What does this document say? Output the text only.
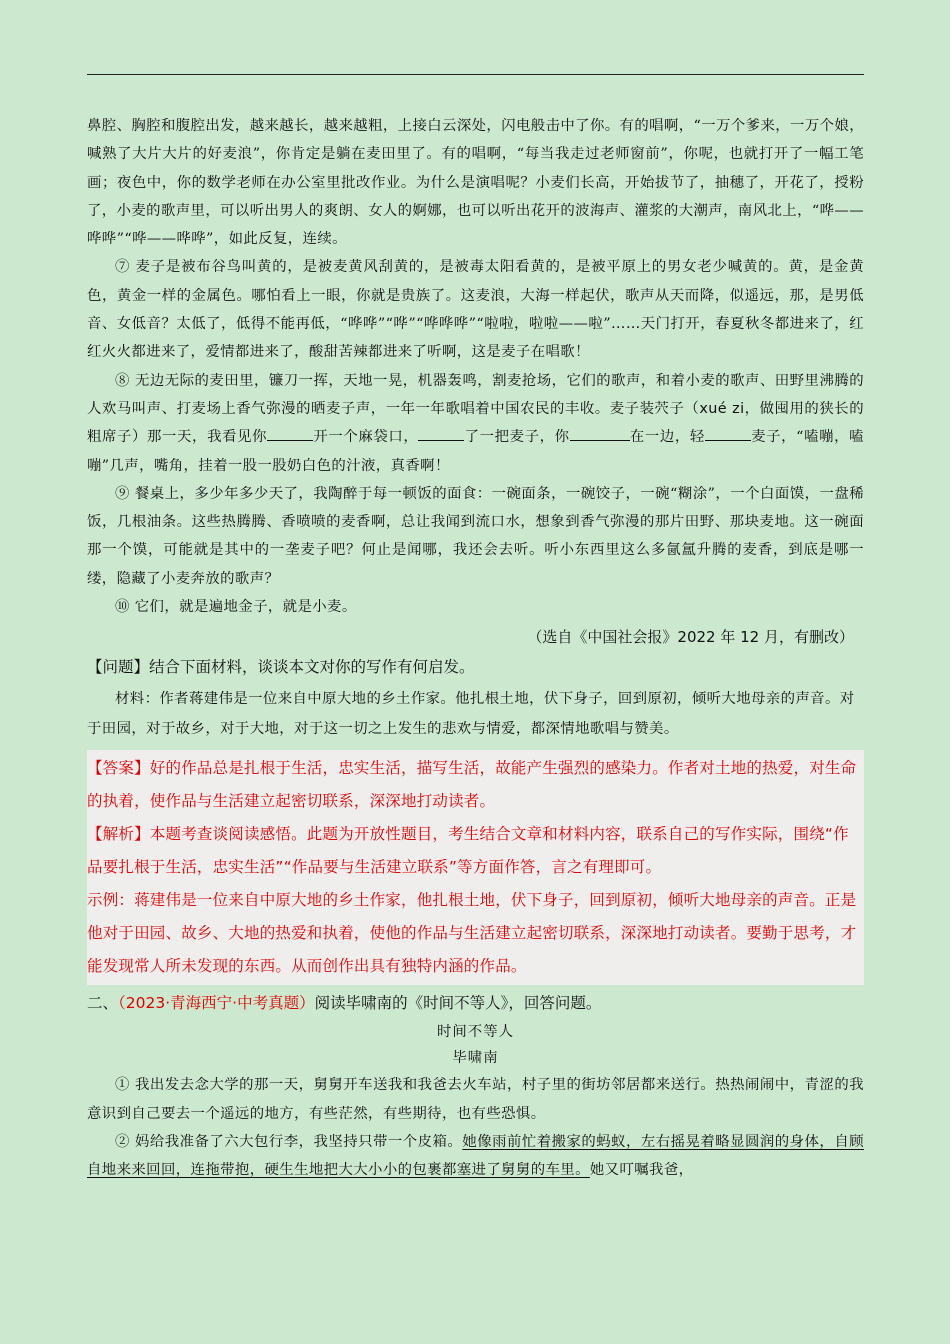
鼻腔、胸腔和腹腔出发，越来越长，越来越粗，上接白云深处，闪电般击中了你。有的唱啊，“一万个爹来，一万个娘，喊熟了大片大片的好麦浪”，你肯定是躺在麦田里了。有的唱啊，“每当我走过老师窗前”，你呢，也就打开了一幅工笔画；夜色中，你的数学老师在办公室里批改作业。为什么是演唱呢？小麦们长高，开始拔节了，抽穗了，开花了，授粉了，小麦的歌声里，可以听出男人的爽朗、女人的婀娜，也可以听出花开的波海声、灌浆的大潮声，南风北上，“哗——哗哗”“哗——哗哗”，如此反复，连续。

⑦ 麦子是被布谷鸟叫黄的，是被麦黄风刮黄的，是被毒太阳看黄的，是被平原上的男女老少喊黄的。黄，是金黄色，黄金一样的金属色。哪怕看上一眼，你就是贵族了。这麦浪，大海一样起伏，歌声从天而降，似遥远，那，是男低音、女低音？太低了，低得不能再低，“哗哗”“哗”“哗哗哗”“啦啦，啦啦——啦”……天门打开，春夏秋冬都进来了，红红火火都进来了，爱情都进来了，酸甜苦辣都进来了听啊，这是麦子在唱歌！

⑧ 无边无际的麦田里，镰刀一挥，天地一晃，机器轰鸣，割麦抢场，它们的歌声，和着小麦的歌声、田野里沸腾的人欢马叫声、打麦场上香气弥漫的晒麦子声，一年一年歌唱着中国农民的丰收。麦子装茓子（xué zi，做囤用的狭长的粗席子）那一天，我看见你	开一个麻袋口，	了一把麦子，你	在一边，轻	麦子，“嗑嘣，嗑嘣”几声，嘴角，挂着一股一股奶白色的汁液，真香啊！

⑨ 餐桌上，多少年多少天了，我陶醉于每一顿饭的面食：一碗面条，一碗饺子，一碗“糊涂”，一个白面馍，一盘稀饭，几根油条。这些热腾腾、香喷喷的麦香啊，总让我闻到流口水，想象到香气弥漫的那片田野、那块麦地。这一碗面那一个馍，可能就是其中的一垄麦子吧？何止是闻哪，我还会去听。听小东西里这么多氤氲升腾的麦香，到底是哪一缕，隐藏了小麦奔放的歌声？

⑩ 它们，就是遍地金子，就是小麦。

（选自《中国社会报》2022 年 12 月，有删改）

【问题】结合下面材料，谈谈本文对你的写作有何启发。

材料：作者蒋建伟是一位来自中原大地的乡土作家。他扎根土地，伏下身子，回到原初，倾听大地母亲的声音。对于田园，对于故乡，对于大地，对于这一切之上发生的悲欢与情爱，都深情地歌唱与赞美。

【答案】好的作品总是扎根于生活，忠实生活，描写生活，故能产生强烈的感染力。作者对土地的热爱，对生命的执着，使作品与生活建立起密切联系，深深地打动读者。

【解析】本题考查谈阅读感悟。此题为开放性题目，考生结合文章和材料内容，联系自己的写作实际，围绕“作品要扎根于生活，忠实生活”“作品要与生活建立联系”等方面作答，言之有理即可。

示例：蒋建伟是一位来自中原大地的乡土作家，他扎根土地，伏下身子，回到原初，倾听大地母亲的声音。正是他对于田园、故乡、大地的热爱和执着，使他的作品与生活建立起密切联系，深深地打动读者。要勤于思考，才能发现常人所未发现的东西。从而创作出具有独特内涵的作品。

二、（2023·青海西宁·中考真题）阅读毕啸南的《时间不等人》，回答问题。

时间不等人

毕啸南

① 我出发去念大学的那一天，舅舅开车送我和我爸去火车站，村子里的街坊邻居都来送行。热热闹闹中，青涩的我意识到自己要去一个遥远的地方，有些茫然，有些期待，也有些恐惧。

② 妈给我准备了六大包行李，我坚持只带一个皮箱。她像雨前忙着搬家的蚂蚁，左右摇晃着略显圆润的身体，自顾自地来来回回，连拖带抱，硬生生地把大大小小的包裹都塞进了舅舅的车里。她又叮嘱我爸，
